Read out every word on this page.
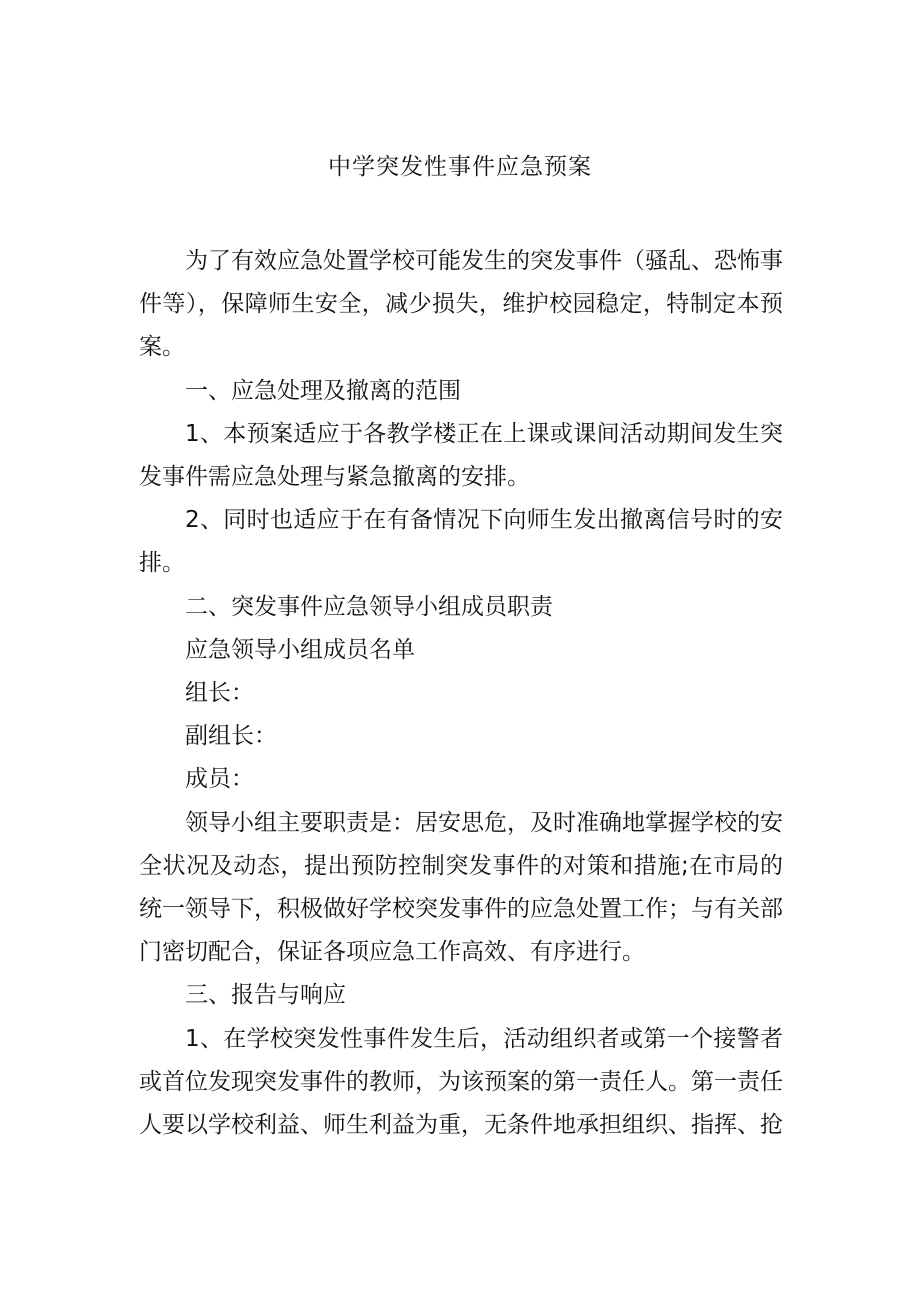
中学突发性事件应急预案

为了有效应急处置学校可能发生的突发事件（骚乱、恐怖事件等），保障师生安全，减少损失，维护校园稳定，特制定本预案。

一、应急处理及撤离的范围

1、本预案适应于各教学楼正在上课或课间活动期间发生突发事件需应急处理与紧急撤离的安排。

2、同时也适应于在有备情况下向师生发出撤离信号时的安排。

二、突发事件应急领导小组成员职责

应急领导小组成员名单

组长：

副组长：

成员：

领导小组主要职责是：居安思危，及时准确地掌握学校的安全状况及动态，提出预防控制突发事件的对策和措施;在市局的统一领导下，积极做好学校突发事件的应急处置工作；与有关部门密切配合，保证各项应急工作高效、有序进行。

三、报告与响应

1、在学校突发性事件发生后，活动组织者或第一个接警者或首位发现突发事件的教师，为该预案的第一责任人。第一责任人要以学校利益、师生利益为重，无条件地承担组织、指挥、抢
